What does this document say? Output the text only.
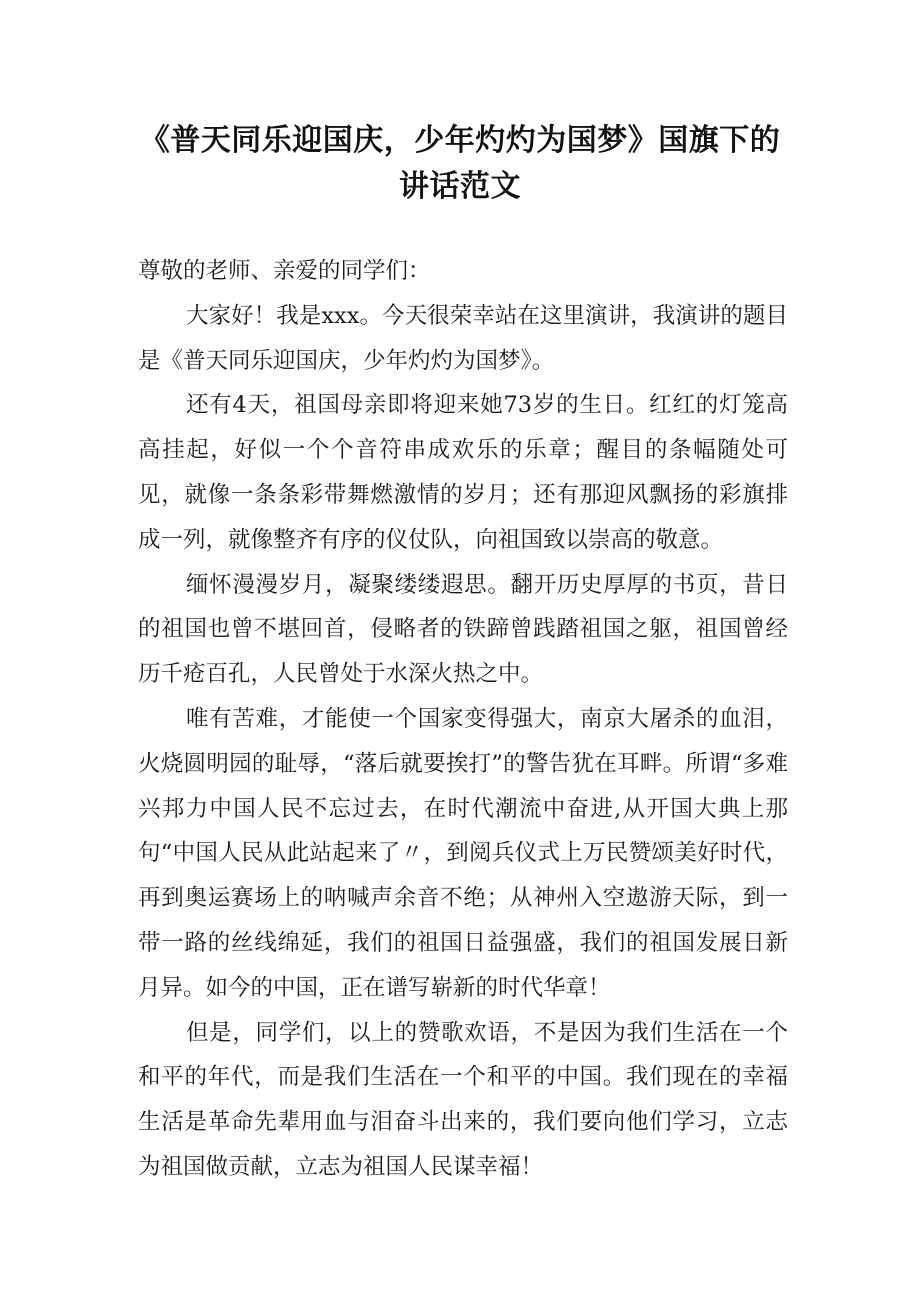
《普天同乐迎国庆，少年灼灼为国梦》国旗下的讲话范文

尊敬的老师、亲爱的同学们：

大家好！我是xxx。今天很荣幸站在这里演讲，我演讲的题目是《普天同乐迎国庆，少年灼灼为国梦》。

还有4天，祖国母亲即将迎来她73岁的生日。红红的灯笼高高挂起，好似一个个音符串成欢乐的乐章；醒目的条幅随处可见，就像一条条彩带舞燃激情的岁月；还有那迎风飘扬的彩旗排成一列，就像整齐有序的仪仗队，向祖国致以崇高的敬意。

缅怀漫漫岁月，凝聚缕缕遐思。翻开历史厚厚的书页，昔日的祖国也曾不堪回首，侵略者的铁蹄曾践踏祖国之躯，祖国曾经历千疮百孔，人民曾处于水深火热之中。

唯有苦难，才能使一个国家变得强大，南京大屠杀的血泪，火烧圆明园的耻辱，“落后就要挨打”的警告犹在耳畔。所谓“多难兴邦力中国人民不忘过去，在时代潮流中奋进,从开国大典上那句“中国人民从此站起来了〃，到阅兵仪式上万民赞颂美好时代，再到奥运赛场上的呐喊声余音不绝；从神州入空遨游天际，到一带一路的丝线绵延，我们的祖国日益强盛，我们的祖国发展日新月异。如今的中国，正在谱写崭新的时代华章！

但是，同学们，以上的赞歌欢语，不是因为我们生活在一个和平的年代，而是我们生活在一个和平的中国。我们现在的幸福生活是革命先辈用血与泪奋斗出来的，我们要向他们学习，立志为祖国做贡献，立志为祖国人民谋幸福！
